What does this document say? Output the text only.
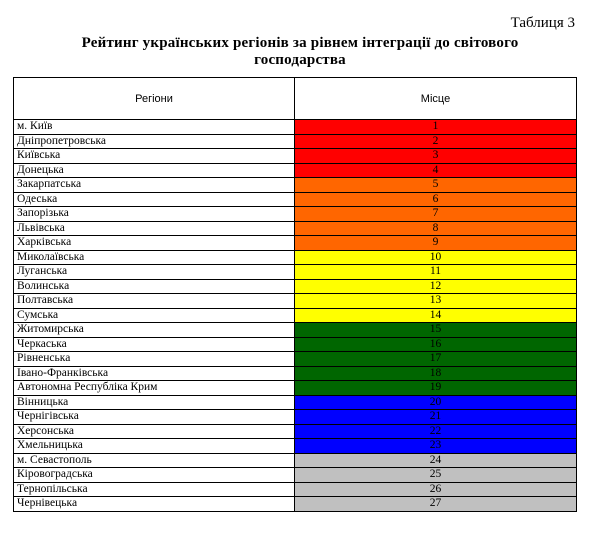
Таблиця 3
Рейтинг українських регіонів за рівнем інтеграції до світового господарства
Регіони	Місце
м. Київ	1
Дніпропетровська	2
Київська	3
Донецька	4
Закарпатська	5
Одеська	6
Запорізька	7
Львівська	8
Харківська	9
Миколаївська	10
Луганська	11
Волинська	12
Полтавська	13
Сумська	14
Житомирська	15
Черкаська	16
Рівненська	17
Івано-Франківська	18
Автономна Республіка Крим	19
Вінницька	20
Чернігівська	21
Херсонська	22
Хмельницька	23
м. Севастополь	24
Кіровоградська	25
Тернопільська	26
Чернівецька	27
